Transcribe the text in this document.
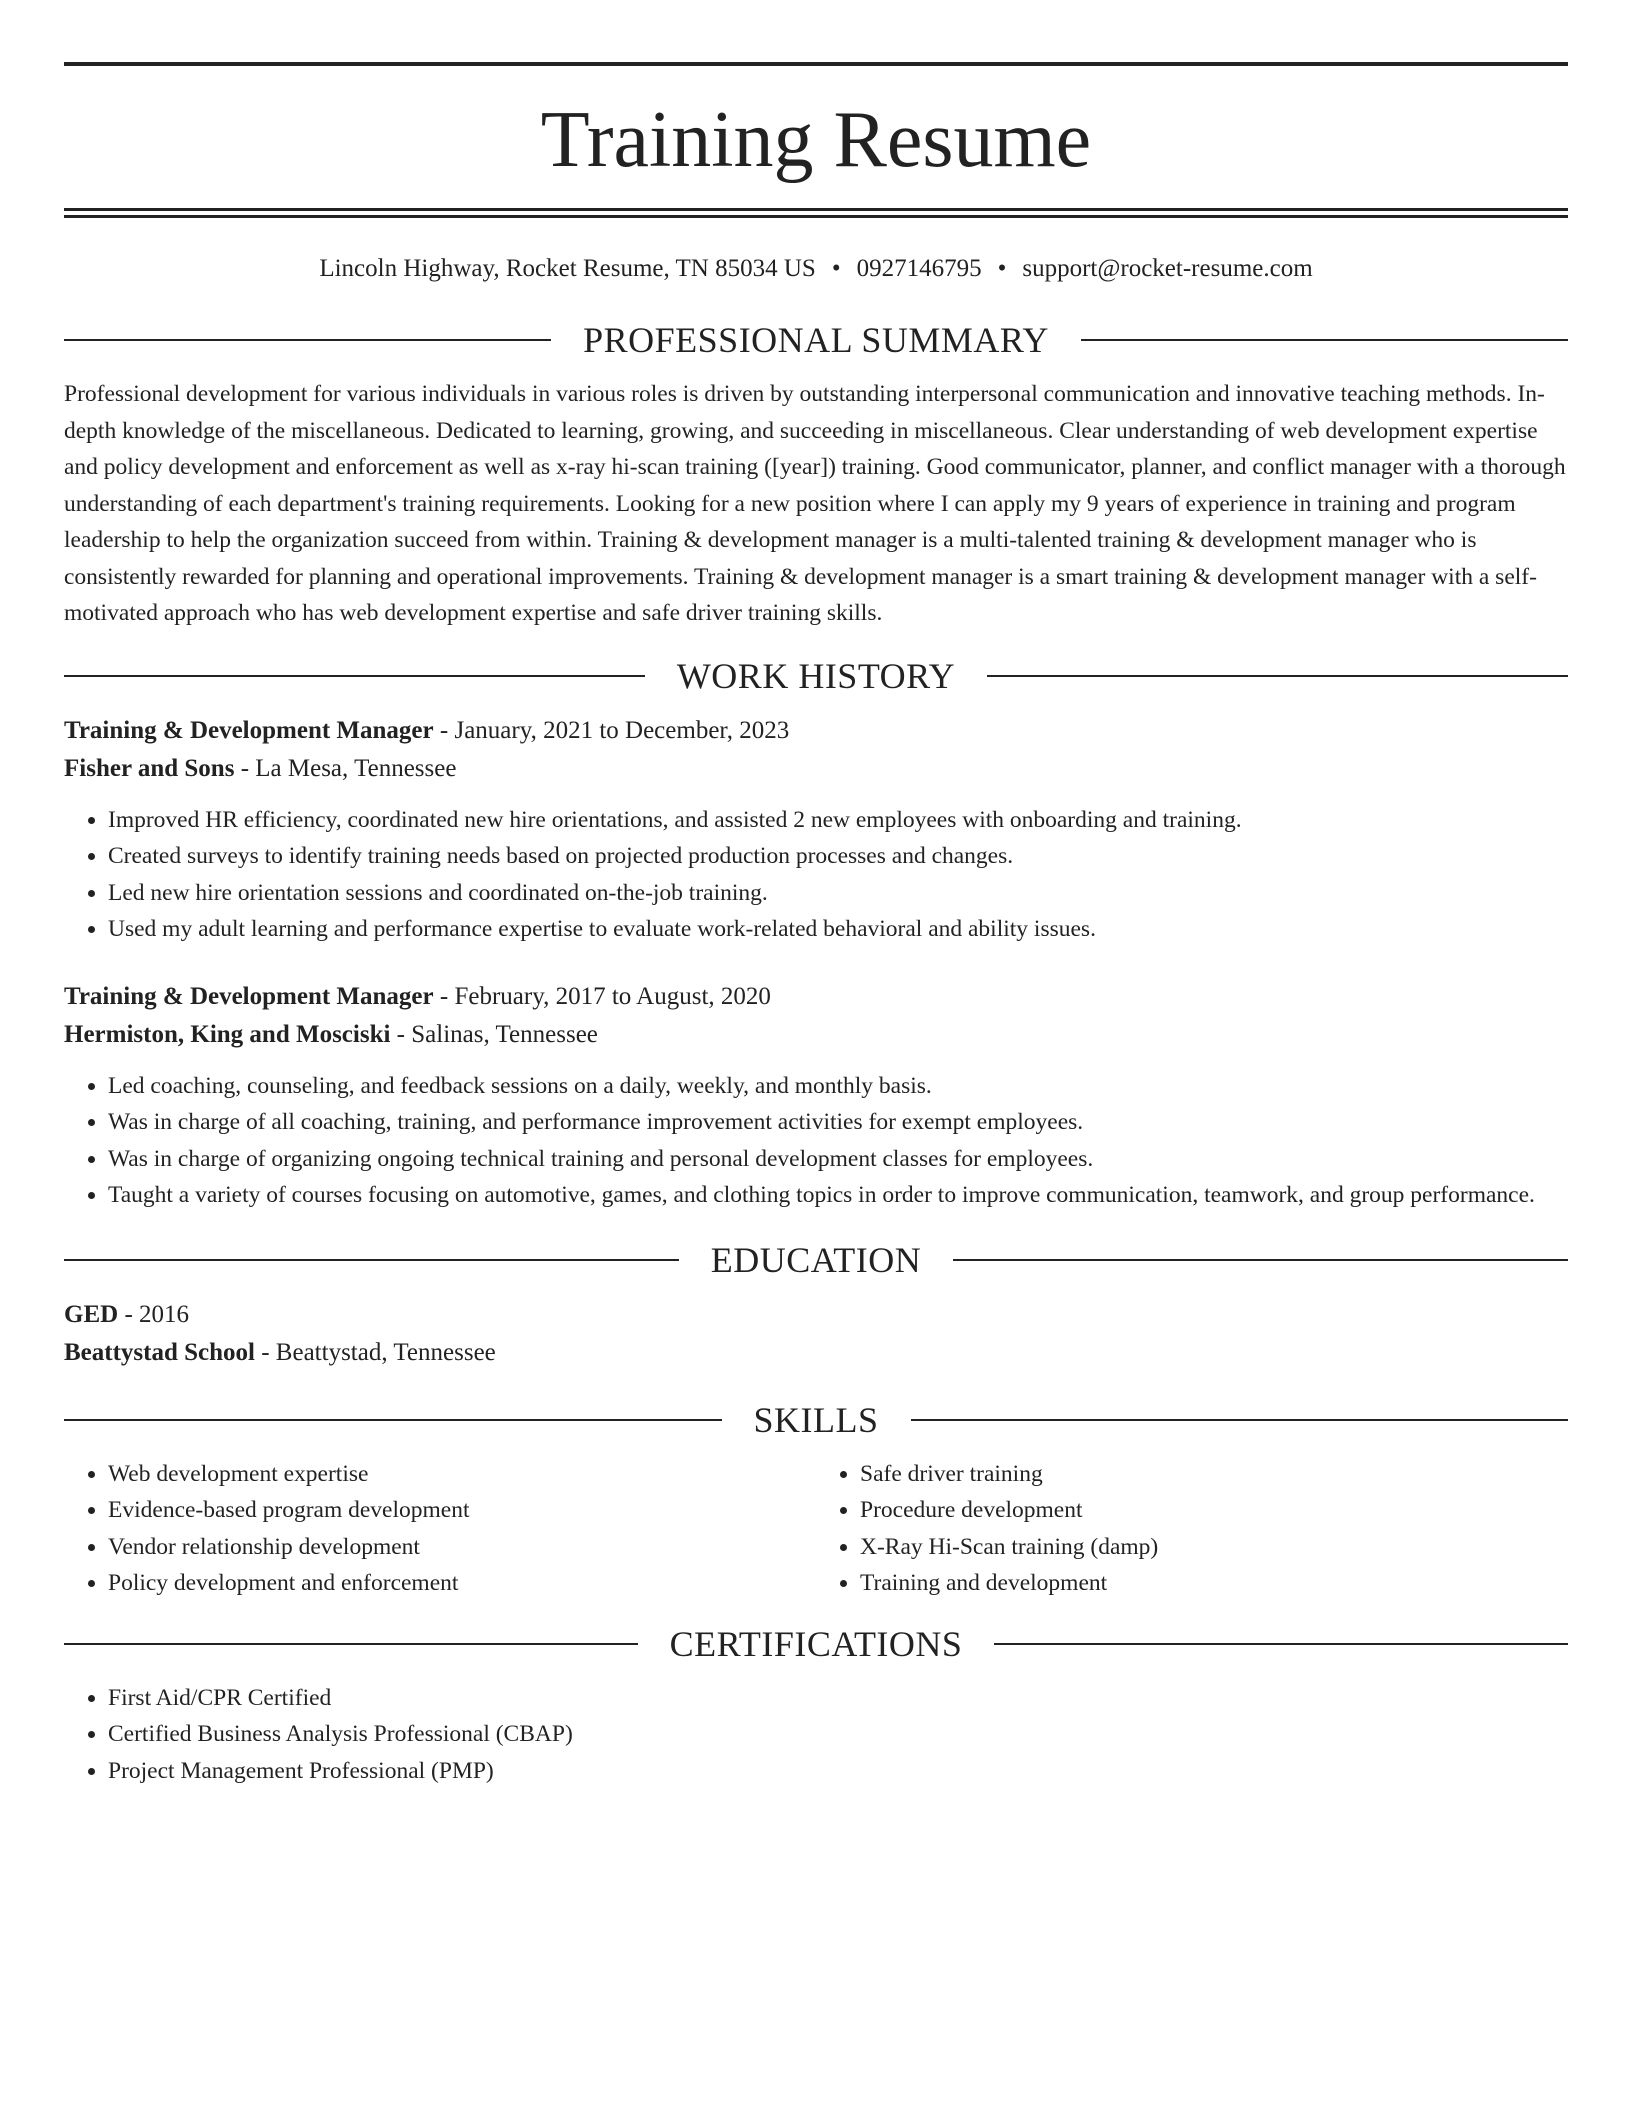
Training Resume
Lincoln Highway, Rocket Resume, TN 85034 US • 0927146795 • support@rocket-resume.com
PROFESSIONAL SUMMARY

Professional development for various individuals in various roles is driven by outstanding interpersonal communication and innovative teaching methods. In-depth knowledge of the miscellaneous. Dedicated to learning, growing, and succeeding in miscellaneous. Clear understanding of web development expertise and policy development and enforcement as well as x-ray hi-scan training ([year]) training. Good communicator, planner, and conflict manager with a thorough understanding of each department's training requirements. Looking for a new position where I can apply my 9 years of experience in training and program leadership to help the organization succeed from within. Training & development manager is a multi-talented training & development manager who is consistently rewarded for planning and operational improvements. Training & development manager is a smart training & development manager with a self-motivated approach who has web development expertise and safe driver training skills.

WORK HISTORY
Training & Development Manager - January, 2021 to December, 2023
Fisher and Sons - La Mesa, Tennessee
• Improved HR efficiency, coordinated new hire orientations, and assisted 2 new employees with onboarding and training.
• Created surveys to identify training needs based on projected production processes and changes.
• Led new hire orientation sessions and coordinated on-the-job training.
• Used my adult learning and performance expertise to evaluate work-related behavioral and ability issues.
Training & Development Manager - February, 2017 to August, 2020
Hermiston, King and Mosciski - Salinas, Tennessee
• Led coaching, counseling, and feedback sessions on a daily, weekly, and monthly basis.
• Was in charge of all coaching, training, and performance improvement activities for exempt employees.
• Was in charge of organizing ongoing technical training and personal development classes for employees.
• Taught a variety of courses focusing on automotive, games, and clothing topics in order to improve communication, teamwork, and group performance.
EDUCATION
GED - 2016
Beattystad School - Beattystad, Tennessee
SKILLS
• Web development expertise
• Evidence-based program development
• Vendor relationship development
• Policy development and enforcement
• Safe driver training
• Procedure development
• X-Ray Hi-Scan training (damp)
• Training and development
CERTIFICATIONS
• First Aid/CPR Certified
• Certified Business Analysis Professional (CBAP)
• Project Management Professional (PMP)
